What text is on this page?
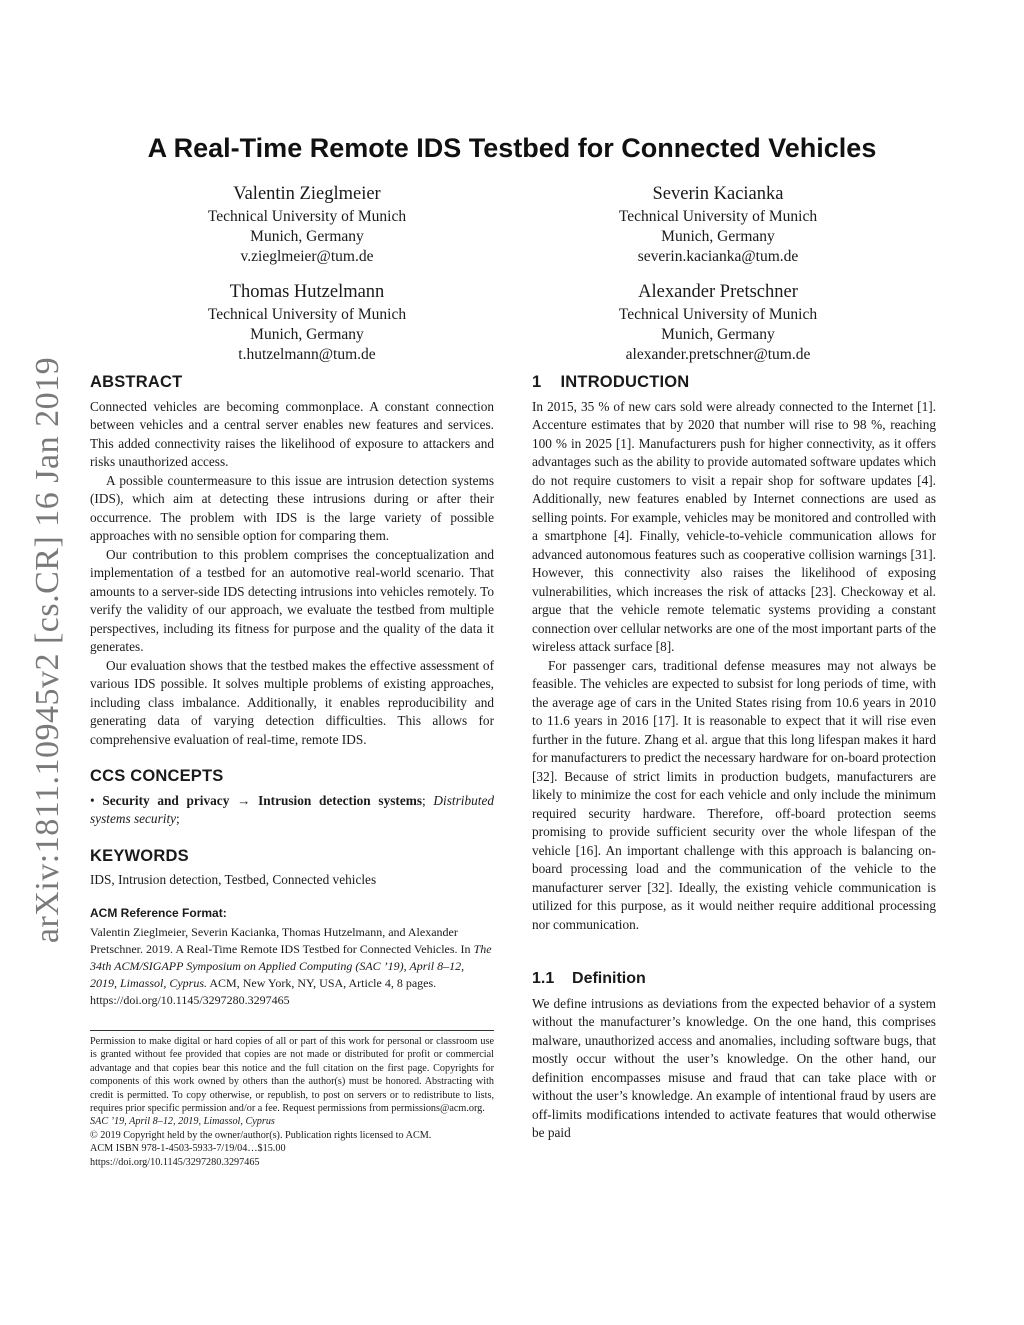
arXiv:1811.10945v2 [cs.CR] 16 Jan 2019
A Real-Time Remote IDS Testbed for Connected Vehicles
Valentin Zieglmeier
Technical University of Munich
Munich, Germany
v.zieglmeier@tum.de
Severin Kacianka
Technical University of Munich
Munich, Germany
severin.kacianka@tum.de
Thomas Hutzelmann
Technical University of Munich
Munich, Germany
t.hutzelmann@tum.de
Alexander Pretschner
Technical University of Munich
Munich, Germany
alexander.pretschner@tum.de
ABSTRACT

Connected vehicles are becoming commonplace. A constant connection between vehicles and a central server enables new features and services. This added connectivity raises the likelihood of exposure to attackers and risks unauthorized access.

A possible countermeasure to this issue are intrusion detection systems (IDS), which aim at detecting these intrusions during or after their occurrence. The problem with IDS is the large variety of possible approaches with no sensible option for comparing them.

Our contribution to this problem comprises the conceptualization and implementation of a testbed for an automotive real-world scenario. That amounts to a server-side IDS detecting intrusions into vehicles remotely. To verify the validity of our approach, we evaluate the testbed from multiple perspectives, including its fitness for purpose and the quality of the data it generates.

Our evaluation shows that the testbed makes the effective assessment of various IDS possible. It solves multiple problems of existing approaches, including class imbalance. Additionally, it enables reproducibility and generating data of varying detection difficulties. This allows for comprehensive evaluation of real-time, remote IDS.

CCS CONCEPTS

• Security and privacy → Intrusion detection systems; Distributed systems security;

KEYWORDS

IDS, Intrusion detection, Testbed, Connected vehicles

ACM Reference Format:

Valentin Zieglmeier, Severin Kacianka, Thomas Hutzelmann, and Alexander Pretschner. 2019. A Real-Time Remote IDS Testbed for Connected Vehicles. In The 34th ACM/SIGAPP Symposium on Applied Computing (SAC ’19), April 8–12, 2019, Limassol, Cyprus. ACM, New York, NY, USA, Article 4, 8 pages. https://doi.org/10.1145/3297280.3297465

Permission to make digital or hard copies of all or part of this work for personal or classroom use is granted without fee provided that copies are not made or distributed for profit or commercial advantage and that copies bear this notice and the full citation on the first page. Copyrights for components of this work owned by others than the author(s) must be honored. Abstracting with credit is permitted. To copy otherwise, or republish, to post on servers or to redistribute to lists, requires prior specific permission and/or a fee. Request permissions from permissions@acm.org.

SAC ’19, April 8–12, 2019, Limassol, Cyprus

© 2019 Copyright held by the owner/author(s). Publication rights licensed to ACM.

ACM ISBN 978-1-4503-5933-7/19/04…$15.00

https://doi.org/10.1145/3297280.3297465

1    INTRODUCTION

In 2015, 35 % of new cars sold were already connected to the Internet [1]. Accenture estimates that by 2020 that number will rise to 98 %, reaching 100 % in 2025 [1]. Manufacturers push for higher connectivity, as it offers advantages such as the ability to provide automated software updates which do not require customers to visit a repair shop for software updates [4]. Additionally, new features enabled by Internet connections are used as selling points. For example, vehicles may be monitored and controlled with a smartphone [4]. Finally, vehicle-to-vehicle communication allows for advanced autonomous features such as cooperative collision warnings [31]. However, this connectivity also raises the likelihood of exposing vulnerabilities, which increases the risk of attacks [23]. Checkoway et al. argue that the vehicle remote telematic systems providing a constant connection over cellular networks are one of the most important parts of the wireless attack surface [8].

For passenger cars, traditional defense measures may not always be feasible. The vehicles are expected to subsist for long periods of time, with the average age of cars in the United States rising from 10.6 years in 2010 to 11.6 years in 2016 [17]. It is reasonable to expect that it will rise even further in the future. Zhang et al. argue that this long lifespan makes it hard for manufacturers to predict the necessary hardware for on-board protection [32]. Because of strict limits in production budgets, manufacturers are likely to minimize the cost for each vehicle and only include the minimum required security hardware. Therefore, off-board protection seems promising to provide sufficient security over the whole lifespan of the vehicle [16]. An important challenge with this approach is balancing on-board processing load and the communication of the vehicle to the manufacturer server [32]. Ideally, the existing vehicle communication is utilized for this purpose, as it would neither require additional processing nor communication.

1.1    Definition

We define intrusions as deviations from the expected behavior of a system without the manufacturer’s knowledge. On the one hand, this comprises malware, unauthorized access and anomalies, including software bugs, that mostly occur without the user’s knowledge. On the other hand, our definition encompasses misuse and fraud that can take place with or without the user’s knowledge. An example of intentional fraud by users are off-limits modifications intended to activate features that would otherwise be paid
